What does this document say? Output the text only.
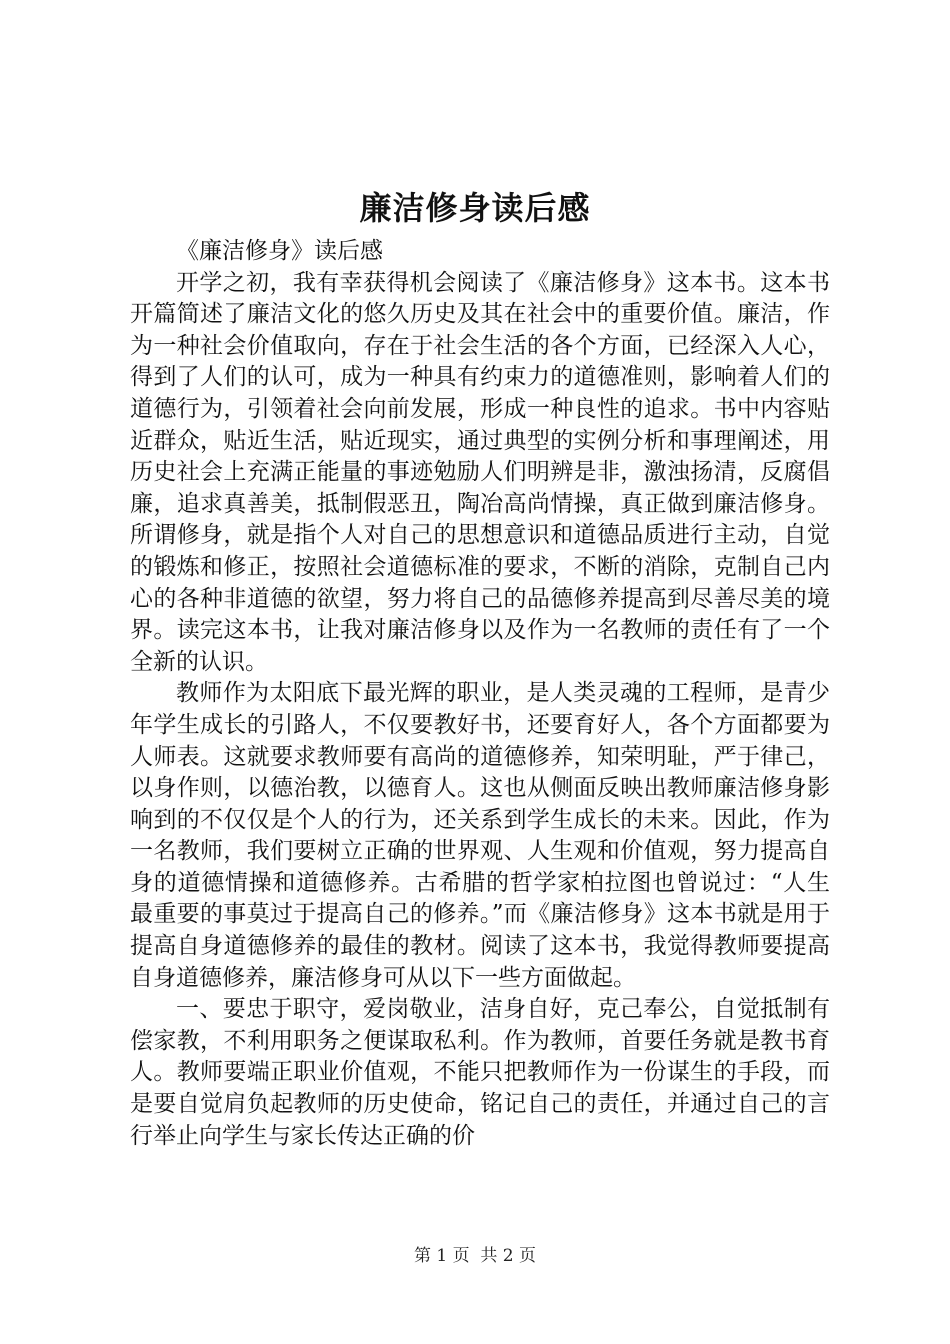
廉洁修身读后感

《廉洁修身》读后感

开学之初，我有幸获得机会阅读了《廉洁修身》这本书。这本书开篇简述了廉洁文化的悠久历史及其在社会中的重要价值。廉洁，作为一种社会价值取向，存在于社会生活的各个方面，已经深入人心，得到了人们的认可，成为一种具有约束力的道德准则，影响着人们的道德行为，引领着社会向前发展，形成一种良性的追求。书中内容贴近群众，贴近生活，贴近现实，通过典型的实例分析和事理阐述，用历史社会上充满正能量的事迹勉励人们明辨是非，激浊扬清，反腐倡廉，追求真善美，抵制假恶丑，陶冶高尚情操，真正做到廉洁修身。所谓修身，就是指个人对自己的思想意识和道德品质进行主动，自觉的锻炼和修正，按照社会道德标准的要求，不断的消除，克制自己内心的各种非道德的欲望，努力将自己的品德修养提高到尽善尽美的境界。读完这本书，让我对廉洁修身以及作为一名教师的责任有了一个全新的认识。

教师作为太阳底下最光辉的职业，是人类灵魂的工程师，是青少年学生成长的引路人，不仅要教好书，还要育好人，各个方面都要为人师表。这就要求教师要有高尚的道德修养，知荣明耻，严于律己，以身作则，以德治教，以德育人。这也从侧面反映出教师廉洁修身影响到的不仅仅是个人的行为，还关系到学生成长的未来。因此，作为一名教师，我们要树立正确的世界观、人生观和价值观，努力提高自身的道德情操和道德修养。古希腊的哲学家柏拉图也曾说过：“人生最重要的事莫过于提高自己的修养。”而《廉洁修身》这本书就是用于提高自身道德修养的最佳的教材。阅读了这本书，我觉得教师要提高自身道德修养，廉洁修身可从以下一些方面做起。

一、要忠于职守，爱岗敬业，洁身自好，克己奉公，自觉抵制有偿家教，不利用职务之便谋取私利。作为教师，首要任务就是教书育人。教师要端正职业价值观，不能只把教师作为一份谋生的手段，而是要自觉肩负起教师的历史使命，铭记自己的责任，并通过自己的言行举止向学生与家长传达正确的价

第 1 页  共 2 页
